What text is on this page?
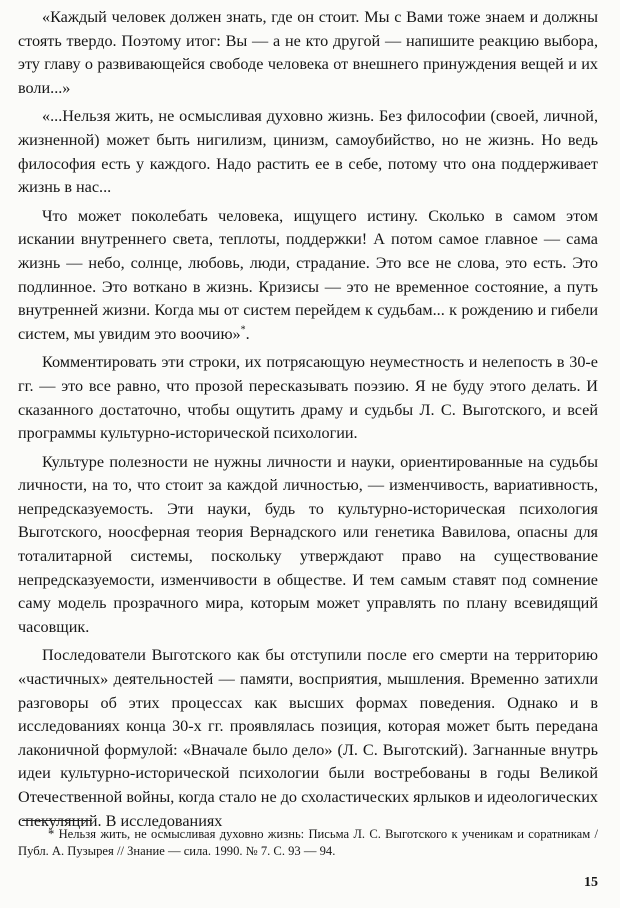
«Каждый человек должен знать, где он стоит. Мы с Вами тоже знаем и должны стоять твердо. Поэтому итог: Вы — а не кто другой — напишите реакцию выбора, эту главу о развивающейся свободе человека от внешнего принуждения вещей и их воли...»

«...Нельзя жить, не осмысливая духовно жизнь. Без философии (своей, личной, жизненной) может быть нигилизм, цинизм, самоубийство, но не жизнь. Но ведь философия есть у каждого. Надо растить ее в себе, потому что она поддерживает жизнь в нас...

Что может поколебать человека, ищущего истину. Сколько в самом этом искании внутреннего света, теплоты, поддержки! А потом самое главное — сама жизнь — небо, солнце, любовь, люди, страдание. Это все не слова, это есть. Это подлинное. Это воткано в жизнь. Кризисы — это не временное состояние, а путь внутренней жизни. Когда мы от систем перейдем к судьбам... к рождению и гибели систем, мы увидим это воочию»*.

Комментировать эти строки, их потрясающую неуместность и нелепость в 30-е гг. — это все равно, что прозой пересказывать поэзию. Я не буду этого делать. И сказанного достаточно, чтобы ощутить драму и судьбы Л. С. Выготского, и всей программы культурно-исторической психологии.

Культуре полезности не нужны личности и науки, ориентированные на судьбы личности, на то, что стоит за каждой личностью, — изменчивость, вариативность, непредсказуемость. Эти науки, будь то культурно-историческая психология Выготского, ноосферная теория Вернадского или генетика Вавилова, опасны для тоталитарной системы, поскольку утверждают право на существование непредсказуемости, изменчивости в обществе. И тем самым ставят под сомнение саму модель прозрачного мира, которым может управлять по плану всевидящий часовщик.

Последователи Выготского как бы отступили после его смерти на территорию «частичных» деятельностей — памяти, восприятия, мышления. Временно затихли разговоры об этих процессах как высших формах поведения. Однако и в исследованиях конца 30-х гг. проявлялась позиция, которая может быть передана лаконичной формулой: «Вначале было дело» (Л. С. Выготский). Загнанные внутрь идеи культурно-исторической психологии были востребованы в годы Великой Отечественной войны, когда стало не до схоластических ярлыков и идеологических спекуляций. В исследованиях

* Нельзя жить, не осмысливая духовно жизнь: Письма Л. С. Выготского к ученикам и соратникам / Публ. А. Пузырея // Знание — сила. 1990. № 7. С. 93 — 94.
15
